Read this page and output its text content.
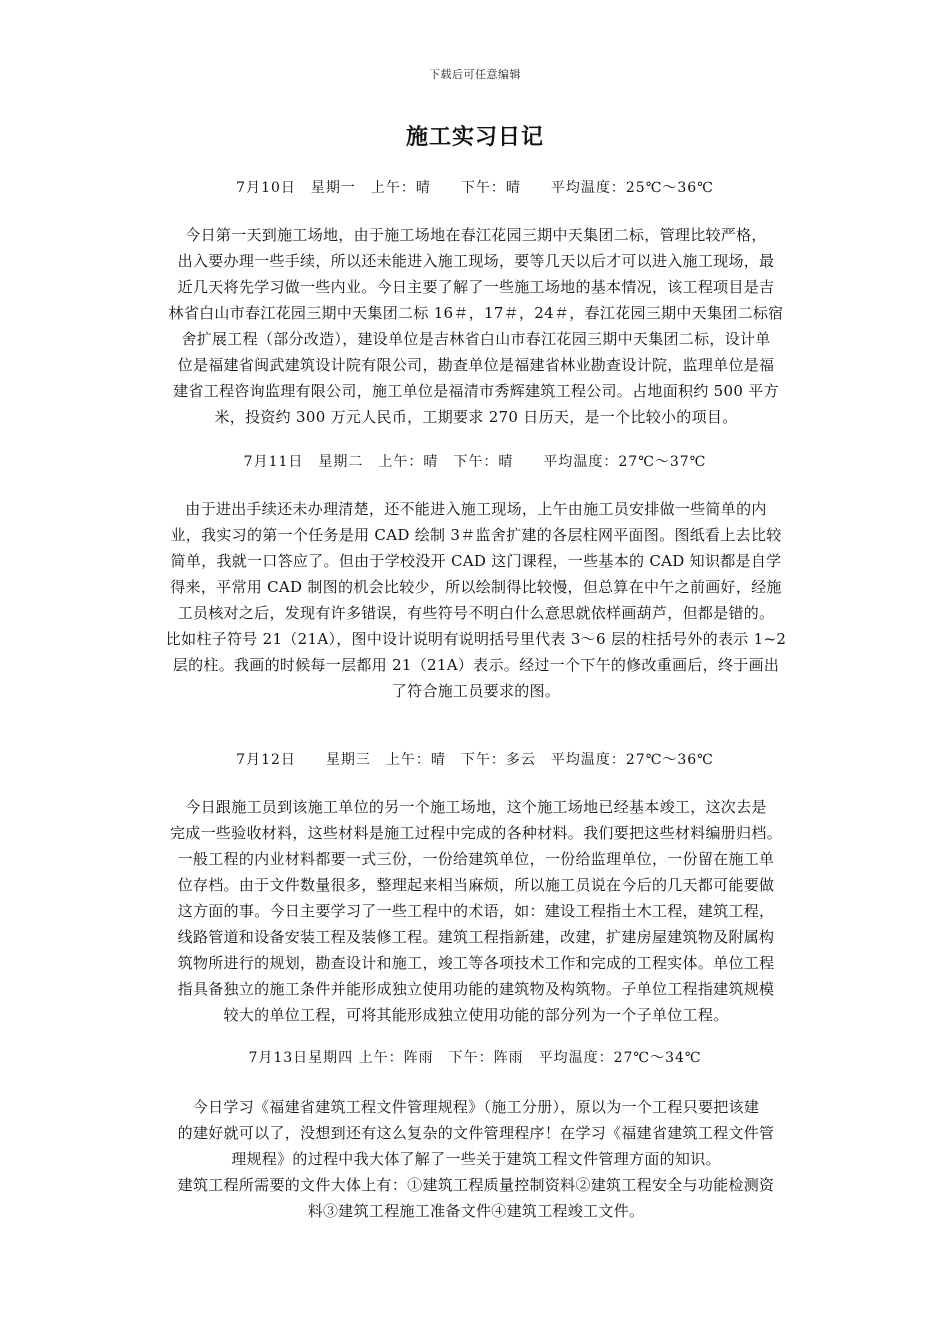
下载后可任意编辑
施工实习日记
7月10日　星期一　上午：晴　　下午：晴　　平均温度：25℃～36℃
今日第一天到施工场地，由于施工场地在春江花园三期中天集团二标，管理比较严格，
出入要办理一些手续，所以还未能进入施工现场，要等几天以后才可以进入施工现场，最
近几天将先学习做一些内业。今日主要了解了一些施工场地的基本情况，该工程项目是吉
林省白山市春江花园三期中天集团二标 16＃，17＃，24＃，春江花园三期中天集团二标宿
舍扩展工程（部分改造），建设单位是吉林省白山市春江花园三期中天集团二标，设计单
位是福建省闽武建筑设计院有限公司，勘查单位是福建省林业勘查设计院，监理单位是福
建省工程咨询监理有限公司，施工单位是福清市秀辉建筑工程公司。占地面积约 500 平方
米，投资约 300 万元人民币，工期要求 270 日历天，是一个比较小的项目。
7月11日　星期二　上午：晴　下午：晴　　平均温度：27℃～37℃
由于进出手续还未办理清楚，还不能进入施工现场，上午由施工员安排做一些简单的内
业，我实习的第一个任务是用 CAD 绘制 3＃监舍扩建的各层柱网平面图。图纸看上去比较
简单，我就一口答应了。但由于学校没开 CAD 这门课程，一些基本的 CAD 知识都是自学
得来，平常用 CAD 制图的机会比较少，所以绘制得比较慢，但总算在中午之前画好，经施
工员核对之后，发现有许多错误，有些符号不明白什么意思就依样画葫芦，但都是错的。
比如柱子符号 21（21A），图中设计说明有说明括号里代表 3～6 层的柱括号外的表示 1~2
层的柱。我画的时候每一层都用 21（21A）表示。经过一个下午的修改重画后，终于画出
了符合施工员要求的图。
7月12日　　星期三　上午：晴　下午：多云　平均温度：27℃～36℃
今日跟施工员到该施工单位的另一个施工场地，这个施工场地已经基本竣工，这次去是
完成一些验收材料，这些材料是施工过程中完成的各种材料。我们要把这些材料编册归档。
一般工程的内业材料都要一式三份，一份给建筑单位，一份给监理单位，一份留在施工单
位存档。由于文件数量很多，整理起来相当麻烦，所以施工员说在今后的几天都可能要做
这方面的事。今日主要学习了一些工程中的术语，如：建设工程指土木工程，建筑工程，
线路管道和设备安装工程及装修工程。建筑工程指新建，改建，扩建房屋建筑物及附属构
筑物所进行的规划，勘查设计和施工，竣工等各项技术工作和完成的工程实体。单位工程
指具备独立的施工条件并能形成独立使用功能的建筑物及构筑物。子单位工程指建筑规模
较大的单位工程，可将其能形成独立使用功能的部分列为一个子单位工程。
7月13日星期四 上午：阵雨　下午：阵雨　平均温度：27℃～34℃
今日学习《福建省建筑工程文件管理规程》（施工分册），原以为一个工程只要把该建
的建好就可以了，没想到还有这么复杂的文件管理程序！在学习《福建省建筑工程文件管
理规程》的过程中我大体了解了一些关于建筑工程文件管理方面的知识。
建筑工程所需要的文件大体上有：①建筑工程质量控制资料②建筑工程安全与功能检测资
料③建筑工程施工准备文件④建筑工程竣工文件。
